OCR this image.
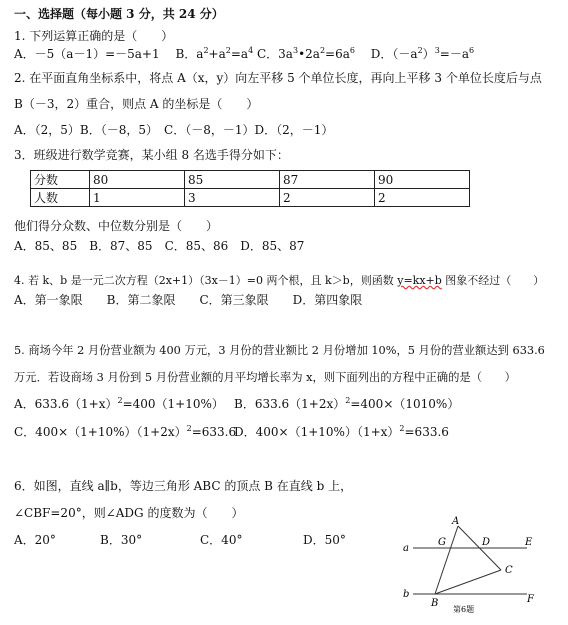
一、选择题（每小题 3 分，共 24 分）
1. 下列运算正确的是（　　）
A．－5（a－1）=－5a+1　 B．$a^2+a^2=a^4$ C．$3a^3•2a^2=6a^6$　 D．$(-a^2)^3=-a^6$
2. 在平面直角坐标系中，将点 A（x，y）向左平移 5 个单位长度，再向上平移 3 个单位长度后与点
B（－3，2）重合，则点 A 的坐标是（　　）
A．（2，5）B．（－8，5）　C．（－8，－1）D．（2，－1）
3．班级进行数学竞赛，某小组 8 名选手得分如下：
分数	80	85	87	90
人数	1	3	2	2
他们得分众数、中位数分别是（　　）
A．85、85　B．87、85　C．85、86　D．85、87
4. 若 k、b 是一元二次方程（2x+1）（3x－1）=0 两个根，且 k＞b，则函数 y=kx+b 图象不经过（　　）
A．第一象限　　B．第二象限　　C．第三象限　　D．第四象限
5. 商场今年 2 月份营业额为 400 万元，3 月份的营业额比 2 月份增加 10%，5 月份的营业额达到 633.6
万元．若设商场 3 月份到 5 月份营业额的月平均增长率为 x，则下面列出的方程中正确的是（　　）
A．$633.6(1+x)^2=400(1+10\%)$ B．$633.6(1+2x)^2=400\times(1010\%)$
C．$400\times(1+10\%)(1+2x)^2=633.6$
D．$400\times(1+10\%)(1+x)^2=633.6$
6．如图，直线 a∥b，等边三角形 ABC 的顶点 B 在直线 b 上，
∠CBF=20°，则∠ADG 的度数为（　　）
A．20°	B．30°	C．40°	D．50°
A
G	D	E
a
C
b
B	F
第6题
